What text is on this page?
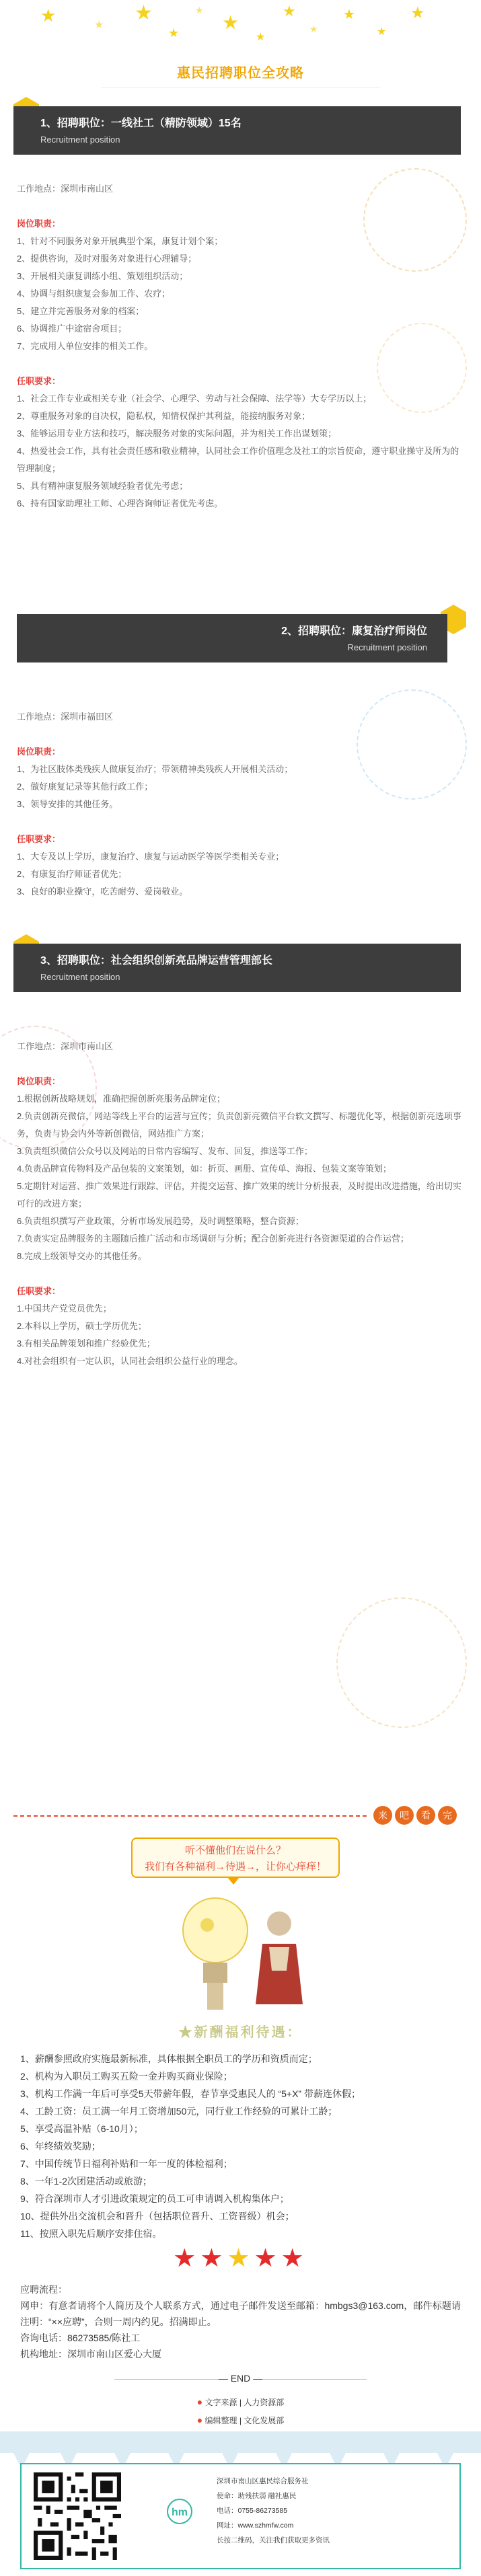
★	★
★
★
★
★
★
★
★
★
★
★
惠民招聘职位全攻略
1、招聘职位：一线社工（精防领域）15名
Recruitment position
工作地点：深圳市南山区
岗位职责：
1、针对不同服务对象开展典型个案，康复计划个案；
2、提供咨询，及时对服务对象进行心理辅导；
3、开展相关康复训练小组、策划组织活动；
4、协调与组织康复会参加工作、农疗；
5、建立并完善服务对象的档案；
6、协调推广中途宿舍项目；
7、完成用人单位安排的相关工作。
任职要求：
1、社会工作专业或相关专业（社会学、心理学、劳动与社会保障、法学等）大专学历以上；
2、尊重服务对象的自决权，隐私权，知情权保护其利益，能接纳服务对象；
3、能够运用专业方法和技巧，解决服务对象的实际问题，并为相关工作出谋划策；
4、热爱社会工作，具有社会责任感和敬业精神，认同社会工作价值理念及社工的宗旨使命，遵守职业操守及所为的管理制度；
5、具有精神康复服务领域经验者优先考虑；
6、持有国家助理社工师、心理咨询师证者优先考虑。
2、招聘职位：康复治疗师岗位
Recruitment position
工作地点：深圳市福田区
岗位职责：
1、为社区肢体类残疾人做康复治疗；带领精神类残疾人开展相关活动；
2、做好康复记录等其他行政工作；
3、领导安排的其他任务。
任职要求：
1、大专及以上学历，康复治疗、康复与运动医学等医学类相关专业；
2、有康复治疗师证者优先；
3、良好的职业操守，吃苦耐劳、爱岗敬业。
3、招聘职位：社会组织创新亮品牌运营管理部长
Recruitment position
工作地点：深圳市南山区
岗位职责：
1.根据创新战略规划，准确把握创新亮服务品牌定位；
2.负责创新亮微信、网站等线上平台的运营与宣传；负责创新亮微信平台软文撰写、标题优化等，根据创新亮选项事务，负责与协会内外等新创微信，网站推广方案；
3.负责组织微信公众号以及网站的日常内容编写、发布、回复，推送等工作；
4.负责品牌宣传物料及产品包装的文案策划，如：折页、画册、宣传单、海报、包装文案等策划；
5.定期针对运营、推广效果进行跟踪、评估，并提交运营、推广效果的统计分析报表，及时提出改进措施，给出切实可行的改进方案；
6.负责组织撰写产业政策，分析市场发展趋势，及时调整策略，整合资源；
7.负责实定品牌服务的主题随后推广活动和市场调研与分析；配合创新亮进行各资源渠道的合作运营；
8.完成上级领导交办的其他任务。
任职要求：
1.中国共产党党员优先；
2.本科以上学历，硕士学历优先；
3.有相关品牌策划和推广经验优先；
4.对社会组织有一定认识，认同社会组织公益行业的理念。
来 吧 看 完
听不懂他们在说什么？
我们有各种福利→待遇→，让你心痒痒！
★新酬福利待遇：
1、薪酬参照政府实施最新标准，具体根据全职员工的学历和资质而定；
2、机构为入职员工购买五险一金并购买商业保险；
3、机构工作满一年后可享受5天带薪年假，春节享受惠民人的 “5+X” 带薪连休假；
4、工龄工资：员工满一年月工资增加50元，同行业工作经验的可累计工龄；
5、享受高温补贴（6-10月）；
6、年终绩效奖励；
7、中国传统节日福利补贴和一年一度的体检福利；
8、一年1-2次团建活动或旅游；
9、符合深圳市人才引进政策规定的员工可申请调入机构集体户；
10、提供外出交流机会和晋升（包括职位晋升、工资晋级）机会；
11、按照入职先后顺序安排住宿。
★★★★★
应聘流程：
网申：有意者请将个人简历及个人联系方式，通过电子邮件发送至邮箱：hmbgs3@163.com，邮件标题请注明：“××应聘”，合则一周内约见。招满即止。
咨询电话：86273585/陈社工
机构地址：深圳市南山区爱心大厦
— END —
● 文字来源 | 人力资源部
● 编辑整理 | 文化发展部
hm
深圳市南山区惠民综合服务社
使命：助残扶弱 融社惠民
电话：0755-86273585
网址：www.szhmfw.com
长按二维码，关注我们获取更多资讯
